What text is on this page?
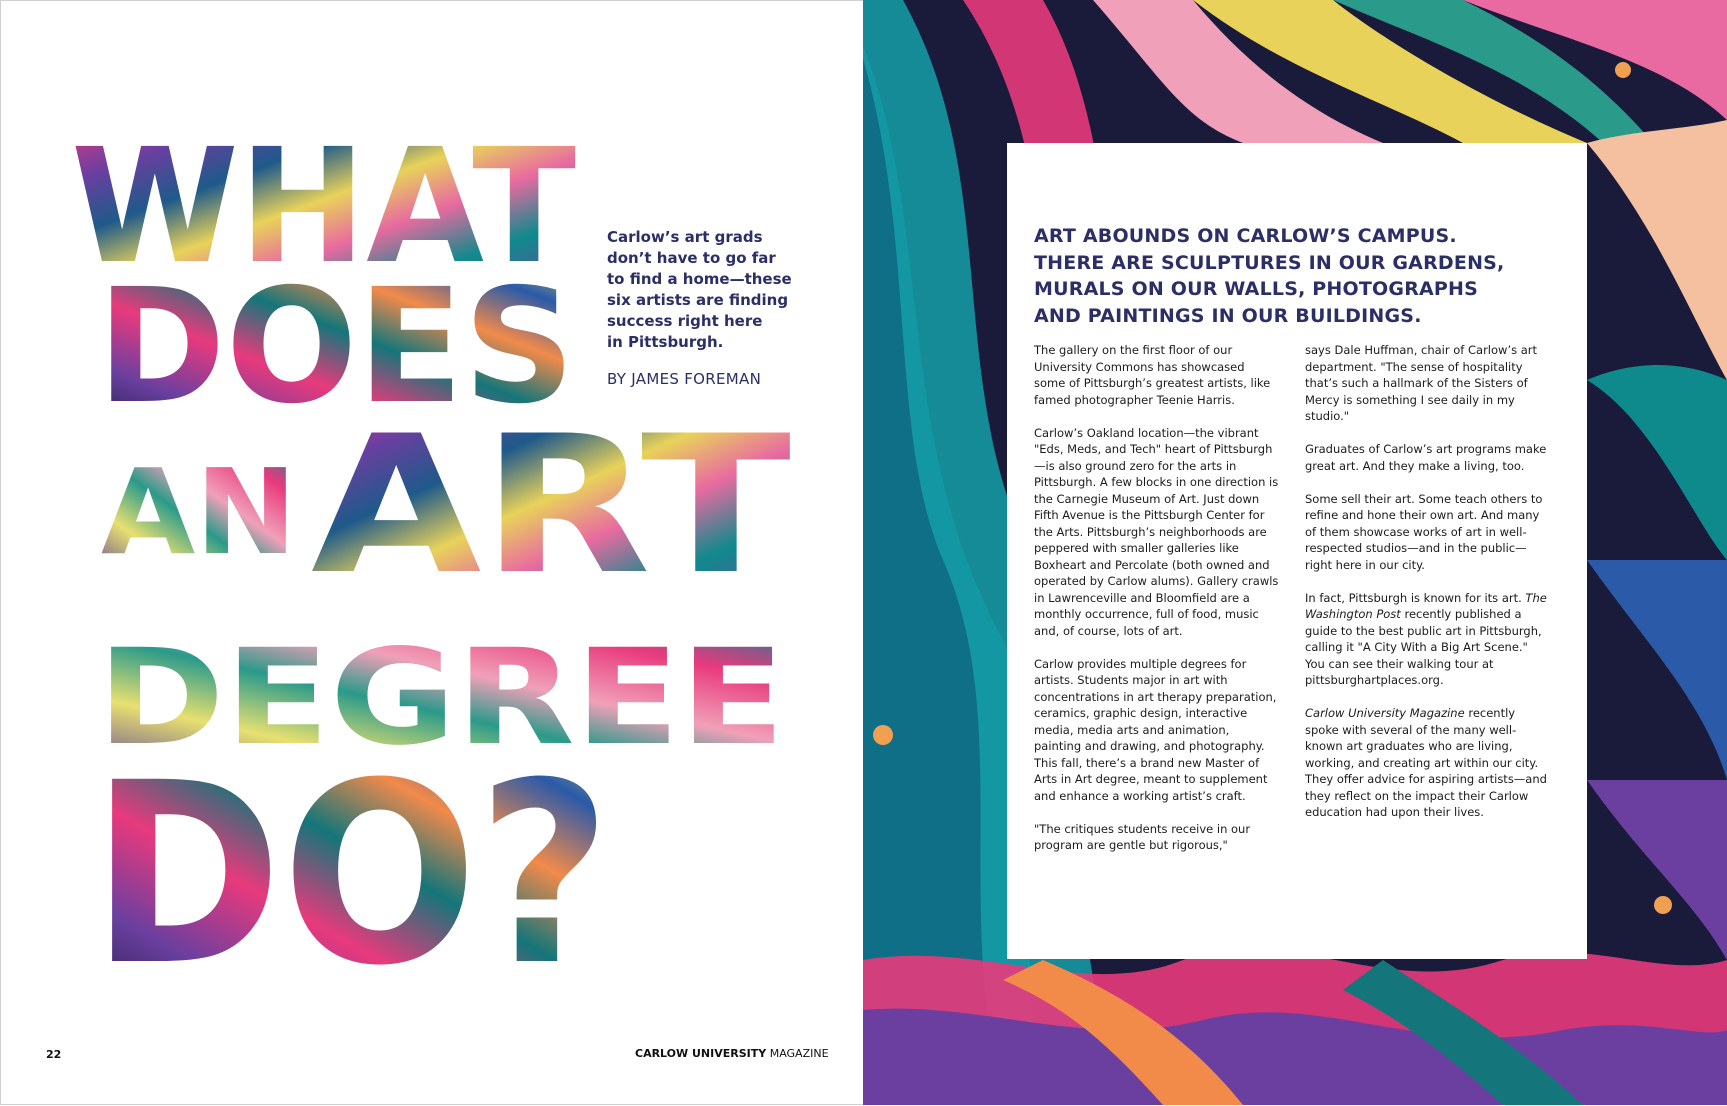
WHAT
DOES
AN ART
DEGREE
DO?
Carlow’s art grads
don’t have to go far
to find a home—these
six artists are finding
success right here
in Pittsburgh.
BY JAMES FOREMAN
22	CARLOW UNIVERSITY MAGAZINE
ART ABOUNDS ON CARLOW’S CAMPUS.
THERE ARE SCULPTURES IN OUR GARDENS,
MURALS ON OUR WALLS, PHOTOGRAPHS
AND PAINTINGS IN OUR BUILDINGS.

The gallery on the first floor of our University Commons has showcased some of Pittsburgh’s greatest artists, like famed photographer Teenie Harris.

Carlow’s Oakland location—the vibrant "Eds, Meds, and Tech" heart of Pittsburgh—is also ground zero for the arts in Pittsburgh. A few blocks in one direction is the Carnegie Museum of Art. Just down Fifth Avenue is the Pittsburgh Center for the Arts. Pittsburgh’s neighborhoods are peppered with smaller galleries like Boxheart and Percolate (both owned and operated by Carlow alums). Gallery crawls in Lawrenceville and Bloomfield are a monthly occurrence, full of food, music and, of course, lots of art.

Carlow provides multiple degrees for artists. Students major in art with concentrations in art therapy preparation, ceramics, graphic design, interactive media, media arts and animation, painting and drawing, and photography. This fall, there’s a brand new Master of Arts in Art degree, meant to supplement and enhance a working artist’s craft.

"The critiques students receive in our program are gentle but rigorous,"

says Dale Huffman, chair of Carlow’s art department. "The sense of hospitality that’s such a hallmark of the Sisters of Mercy is something I see daily in my studio."

Graduates of Carlow’s art programs make great art. And they make a living, too.

Some sell their art. Some teach others to refine and hone their own art. And many of them showcase works of art in well-respected studios—and in the public—right here in our city.

In fact, Pittsburgh is known for its art. The Washington Post recently published a guide to the best public art in Pittsburgh, calling it "A City With a Big Art Scene." You can see their walking tour at pittsburghartplaces.org.

Carlow University Magazine recently spoke with several of the many well-known art graduates who are living, working, and creating art within our city. They offer advice for aspiring artists—and they reflect on the impact their Carlow education had upon their lives.
